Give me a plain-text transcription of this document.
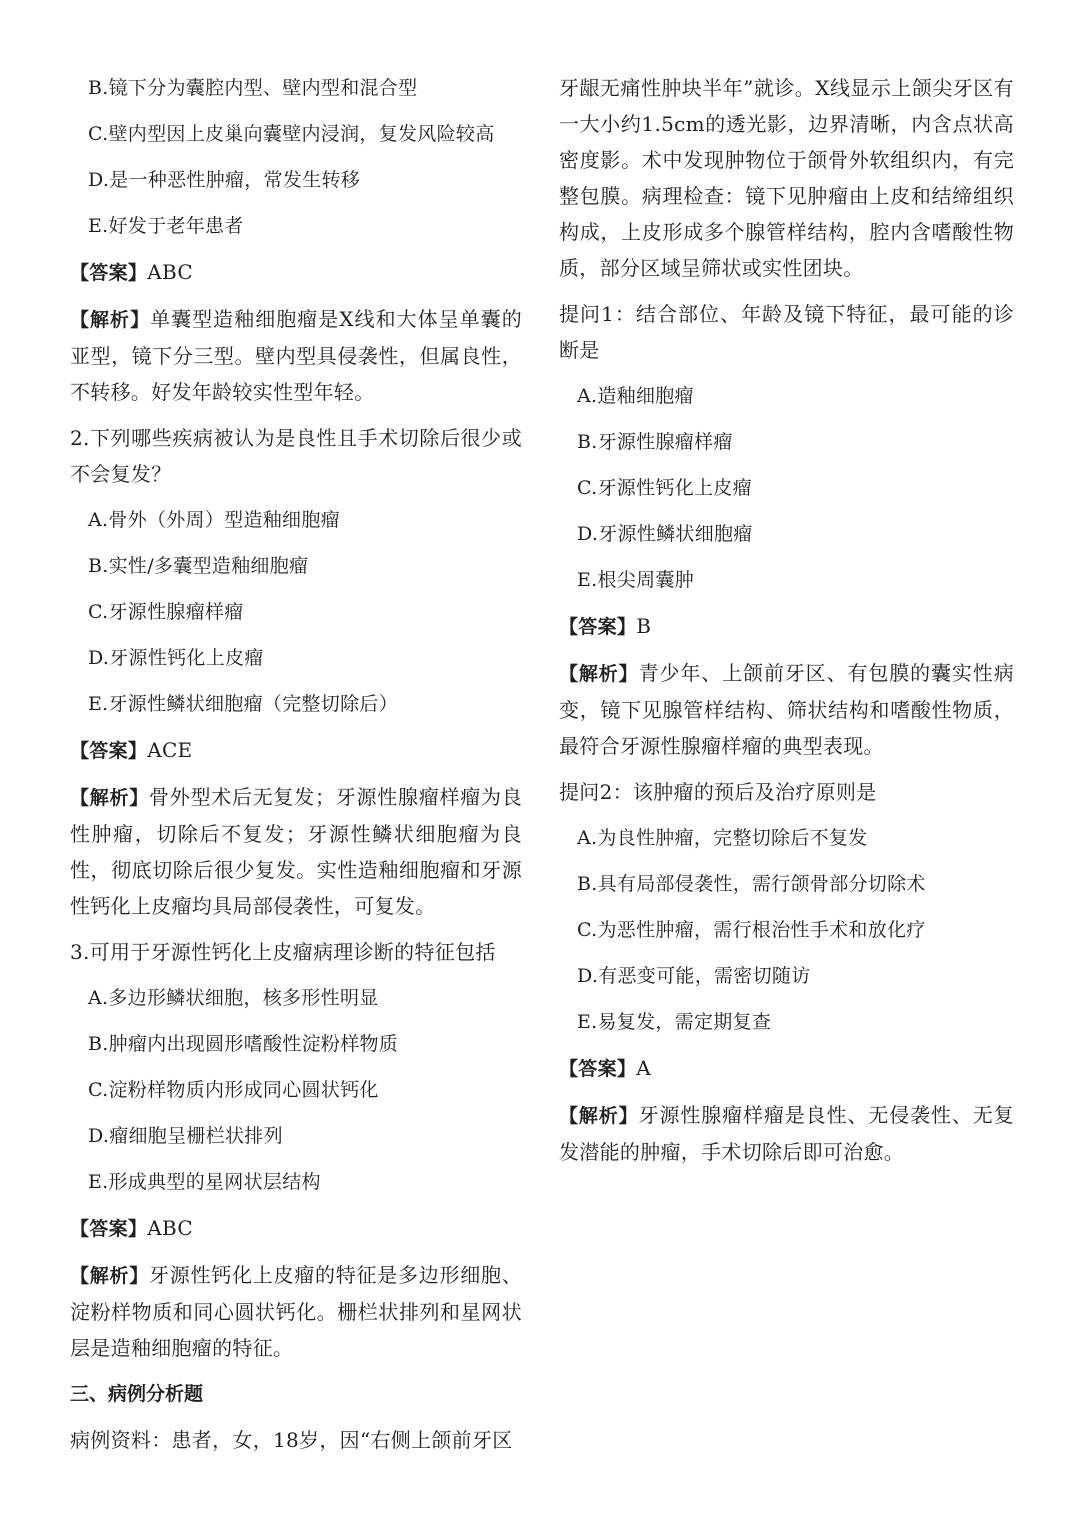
B.镜下分为囊腔内型、壁内型和混合型
C.壁内型因上皮巢向囊壁内浸润，复发风险较高
D.是一种恶性肿瘤，常发生转移
E.好发于老年患者
【答案】ABC
【解析】单囊型造釉细胞瘤是X线和大体呈单囊的亚型，镜下分三型。壁内型具侵袭性，但属良性，不转移。好发年龄较实性型年轻。
2.下列哪些疾病被认为是良性且手术切除后很少或不会复发？
A.骨外（外周）型造釉细胞瘤
B.实性/多囊型造釉细胞瘤
C.牙源性腺瘤样瘤
D.牙源性钙化上皮瘤
E.牙源性鳞状细胞瘤（完整切除后）
【答案】ACE
【解析】骨外型术后无复发；牙源性腺瘤样瘤为良性肿瘤，切除后不复发；牙源性鳞状细胞瘤为良性，彻底切除后很少复发。实性造釉细胞瘤和牙源性钙化上皮瘤均具局部侵袭性，可复发。
3.可用于牙源性钙化上皮瘤病理诊断的特征包括
A.多边形鳞状细胞，核多形性明显
B.肿瘤内出现圆形嗜酸性淀粉样物质
C.淀粉样物质内形成同心圆状钙化
D.瘤细胞呈栅栏状排列
E.形成典型的星网状层结构
【答案】ABC
【解析】牙源性钙化上皮瘤的特征是多边形细胞、淀粉样物质和同心圆状钙化。栅栏状排列和星网状层是造釉细胞瘤的特征。
三、病例分析题
病例资料：患者，女，18岁，因“右侧上颌前牙区
牙龈无痛性肿块半年”就诊。X线显示上颌尖牙区有一大小约1.5cm的透光影，边界清晰，内含点状高密度影。术中发现肿物位于颌骨外软组织内，有完整包膜。病理检查：镜下见肿瘤由上皮和结缔组织构成，上皮形成多个腺管样结构，腔内含嗜酸性物质，部分区域呈筛状或实性团块。
提问1：结合部位、年龄及镜下特征，最可能的诊断是
A.造釉细胞瘤
B.牙源性腺瘤样瘤
C.牙源性钙化上皮瘤
D.牙源性鳞状细胞瘤
E.根尖周囊肿
【答案】B
【解析】青少年、上颌前牙区、有包膜的囊实性病变，镜下见腺管样结构、筛状结构和嗜酸性物质，最符合牙源性腺瘤样瘤的典型表现。
提问2：该肿瘤的预后及治疗原则是
A.为良性肿瘤，完整切除后不复发
B.具有局部侵袭性，需行颌骨部分切除术
C.为恶性肿瘤，需行根治性手术和放化疗
D.有恶变可能，需密切随访
E.易复发，需定期复查
【答案】A
【解析】牙源性腺瘤样瘤是良性、无侵袭性、无复发潜能的肿瘤，手术切除后即可治愈。
